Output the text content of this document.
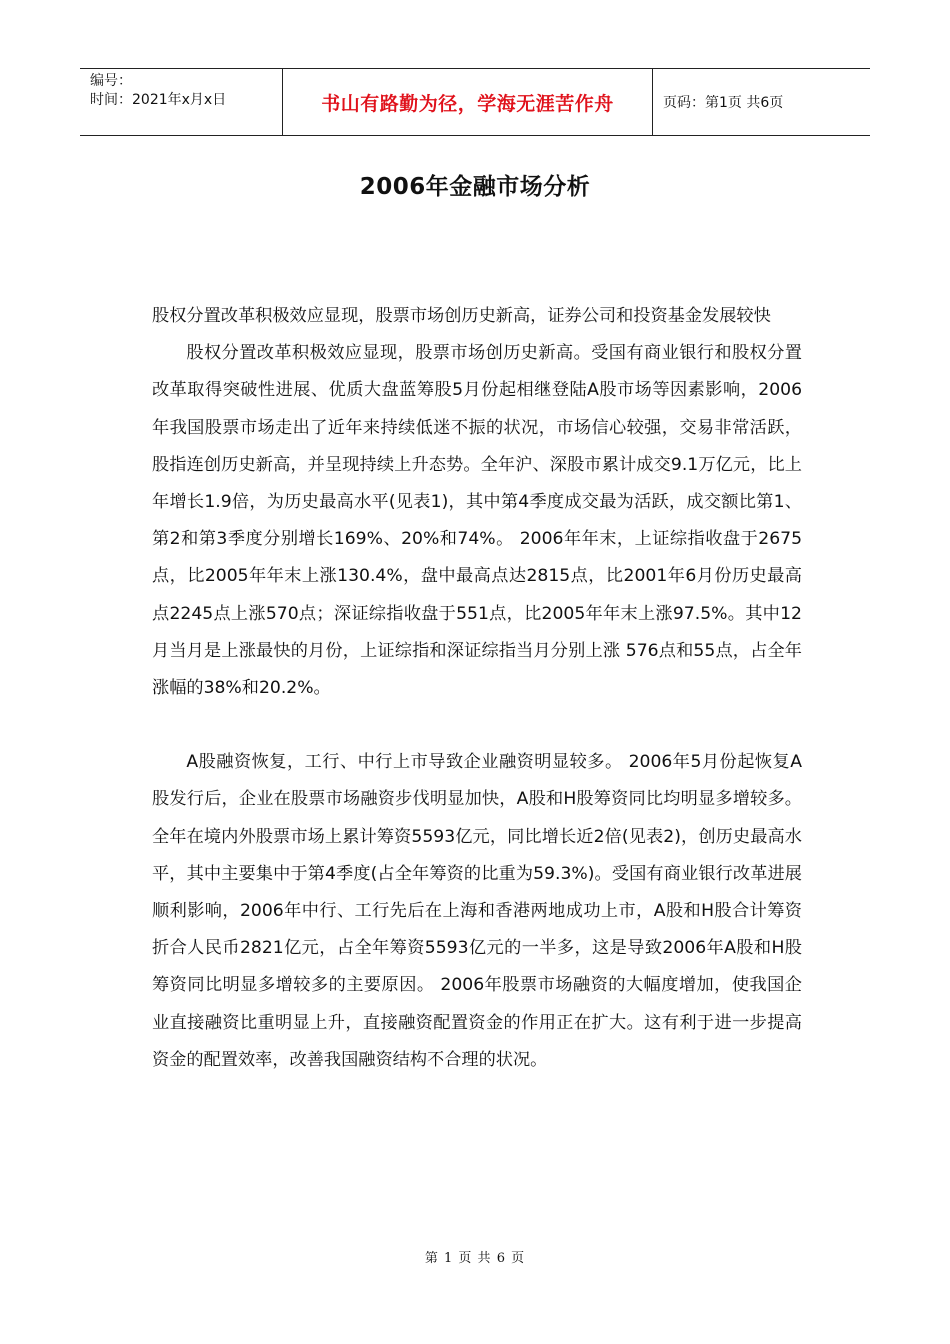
编号：
时间：2021年x月x日	书山有路勤为径，学海无涯苦作舟	页码：第1页 共6页
2006年金融市场分析

股权分置改革积极效应显现，股票市场创历史新高，证券公司和投资基金发展较快

股权分置改革积极效应显现，股票市场创历史新高。受国有商业银行和股权分置改革取得突破性进展、优质大盘蓝筹股5月份起相继登陆A股市场等因素影响，2006年我国股票市场走出了近年来持续低迷不振的状况，市场信心较强，交易非常活跃，股指连创历史新高，并呈现持续上升态势。全年沪、深股市累计成交9.1万亿元，比上年增长1.9倍，为历史最高水平(见表1)，其中第4季度成交最为活跃，成交额比第1、第2和第3季度分别增长169%、20%和74%。 2006年年末，上证综指收盘于2675点，比2005年年末上涨130.4%，盘中最高点达2815点，比2001年6月份历史最高点2245点上涨570点；深证综指收盘于551点，比2005年年末上涨97.5%。其中12月当月是上涨最快的月份，上证综指和深证综指当月分别上涨 576点和55点，占全年涨幅的38%和20.2%。

A股融资恢复，工行、中行上市导致企业融资明显较多。 2006年5月份起恢复A股发行后，企业在股票市场融资步伐明显加快，A股和H股筹资同比均明显多增较多。全年在境内外股票市场上累计筹资5593亿元，同比增长近2倍(见表2)，创历史最高水平，其中主要集中于第4季度(占全年筹资的比重为59.3%)。受国有商业银行改革进展顺利影响，2006年中行、工行先后在上海和香港两地成功上市，A股和H股合计筹资折合人民币2821亿元，占全年筹资5593亿元的一半多，这是导致2006年A股和H股筹资同比明显多增较多的主要原因。 2006年股票市场融资的大幅度增加，使我国企业直接融资比重明显上升，直接融资配置资金的作用正在扩大。这有利于进一步提高资金的配置效率，改善我国融资结构不合理的状况。

第 1 页 共 6 页
